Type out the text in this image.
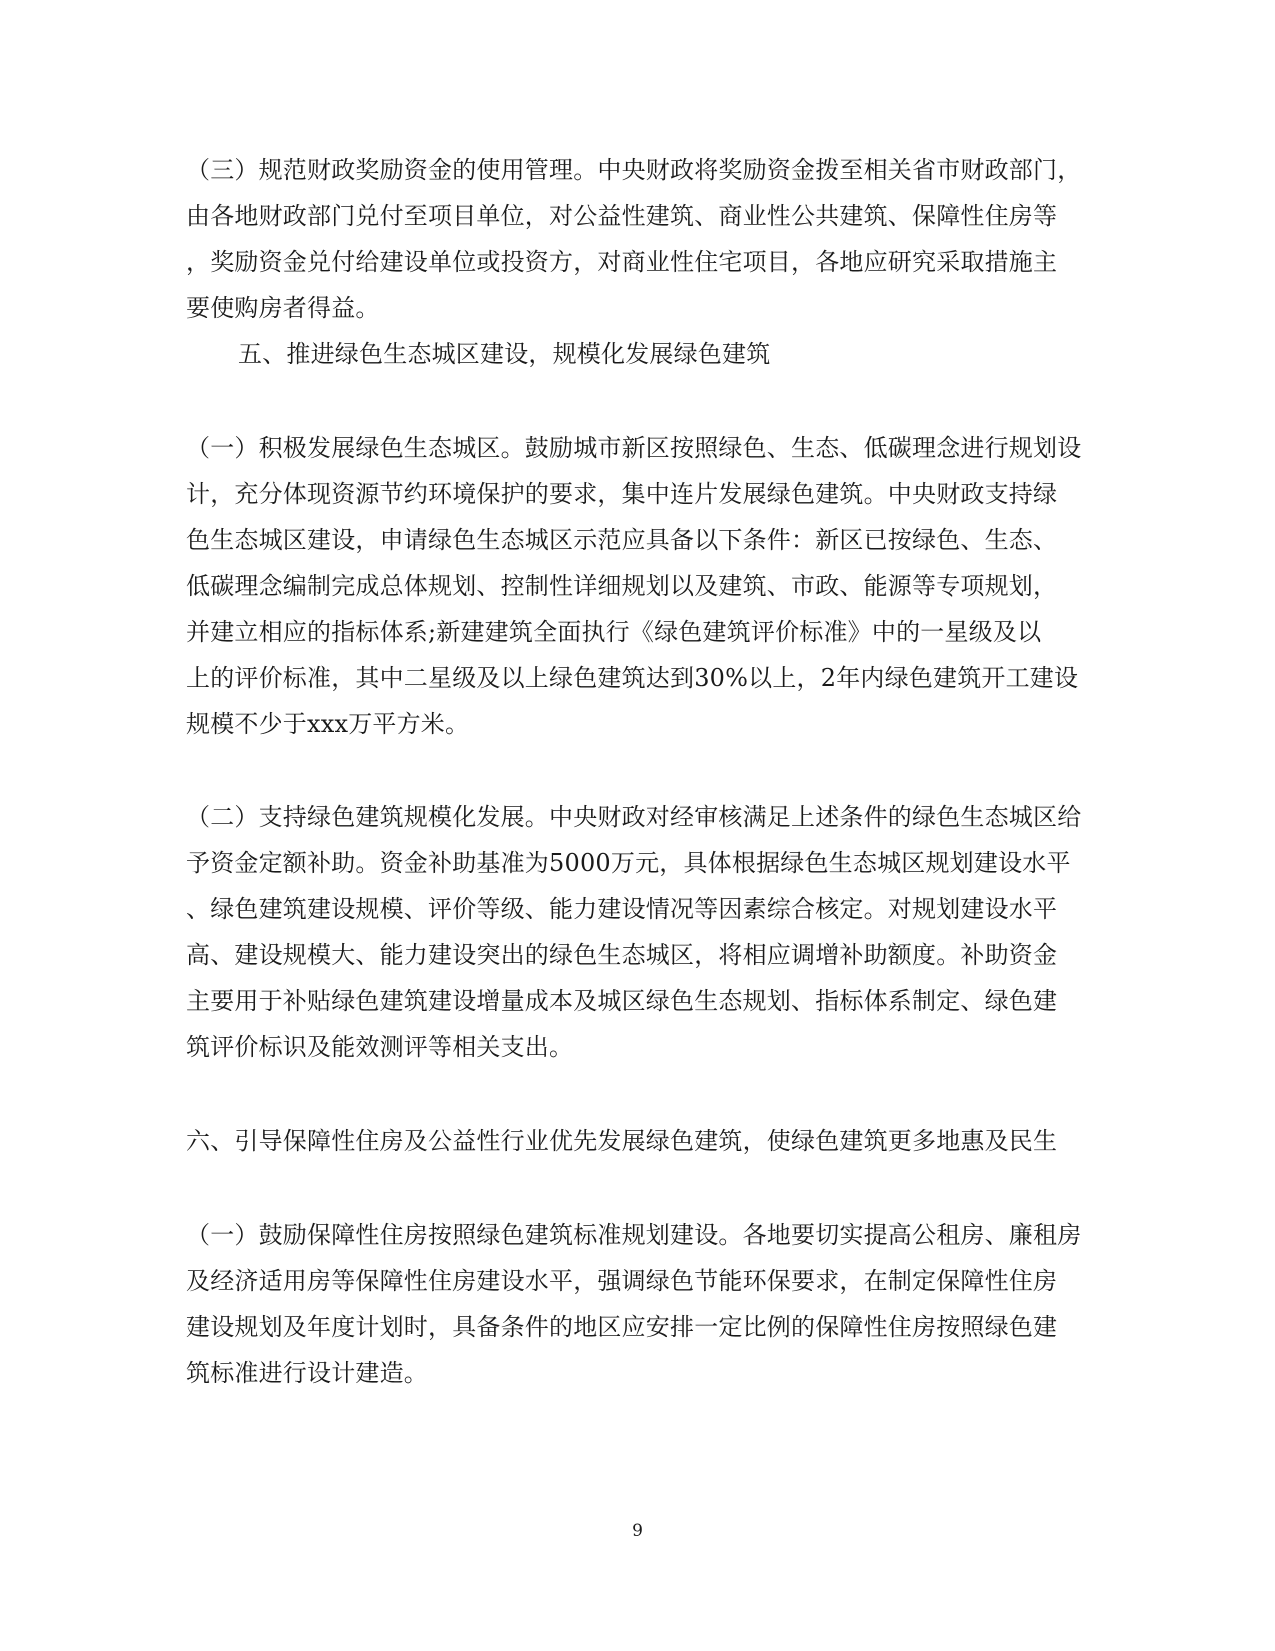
（三）规范财政奖励资金的使用管理。中央财政将奖励资金拨至相关省市财政部门，
由各地财政部门兑付至项目单位，对公益性建筑、商业性公共建筑、保障性住房等
，奖励资金兑付给建设单位或投资方，对商业性住宅项目，各地应研究采取措施主
要使购房者得益。
五、推进绿色生态城区建设，规模化发展绿色建筑
（一）积极发展绿色生态城区。鼓励城市新区按照绿色、生态、低碳理念进行规划设
计，充分体现资源节约环境保护的要求，集中连片发展绿色建筑。中央财政支持绿
色生态城区建设，申请绿色生态城区示范应具备以下条件：新区已按绿色、生态、
低碳理念编制完成总体规划、控制性详细规划以及建筑、市政、能源等专项规划，
并建立相应的指标体系;新建建筑全面执行《绿色建筑评价标准》中的一星级及以
上的评价标准，其中二星级及以上绿色建筑达到30%以上，2年内绿色建筑开工建设
规模不少于xxx万平方米。
（二）支持绿色建筑规模化发展。中央财政对经审核满足上述条件的绿色生态城区给
予资金定额补助。资金补助基准为5000万元，具体根据绿色生态城区规划建设水平
、绿色建筑建设规模、评价等级、能力建设情况等因素综合核定。对规划建设水平
高、建设规模大、能力建设突出的绿色生态城区，将相应调增补助额度。补助资金
主要用于补贴绿色建筑建设增量成本及城区绿色生态规划、指标体系制定、绿色建
筑评价标识及能效测评等相关支出。
六、引导保障性住房及公益性行业优先发展绿色建筑，使绿色建筑更多地惠及民生
（一）鼓励保障性住房按照绿色建筑标准规划建设。各地要切实提高公租房、廉租房
及经济适用房等保障性住房建设水平，强调绿色节能环保要求，在制定保障性住房
建设规划及年度计划时，具备条件的地区应安排一定比例的保障性住房按照绿色建
筑标准进行设计建造。
9
